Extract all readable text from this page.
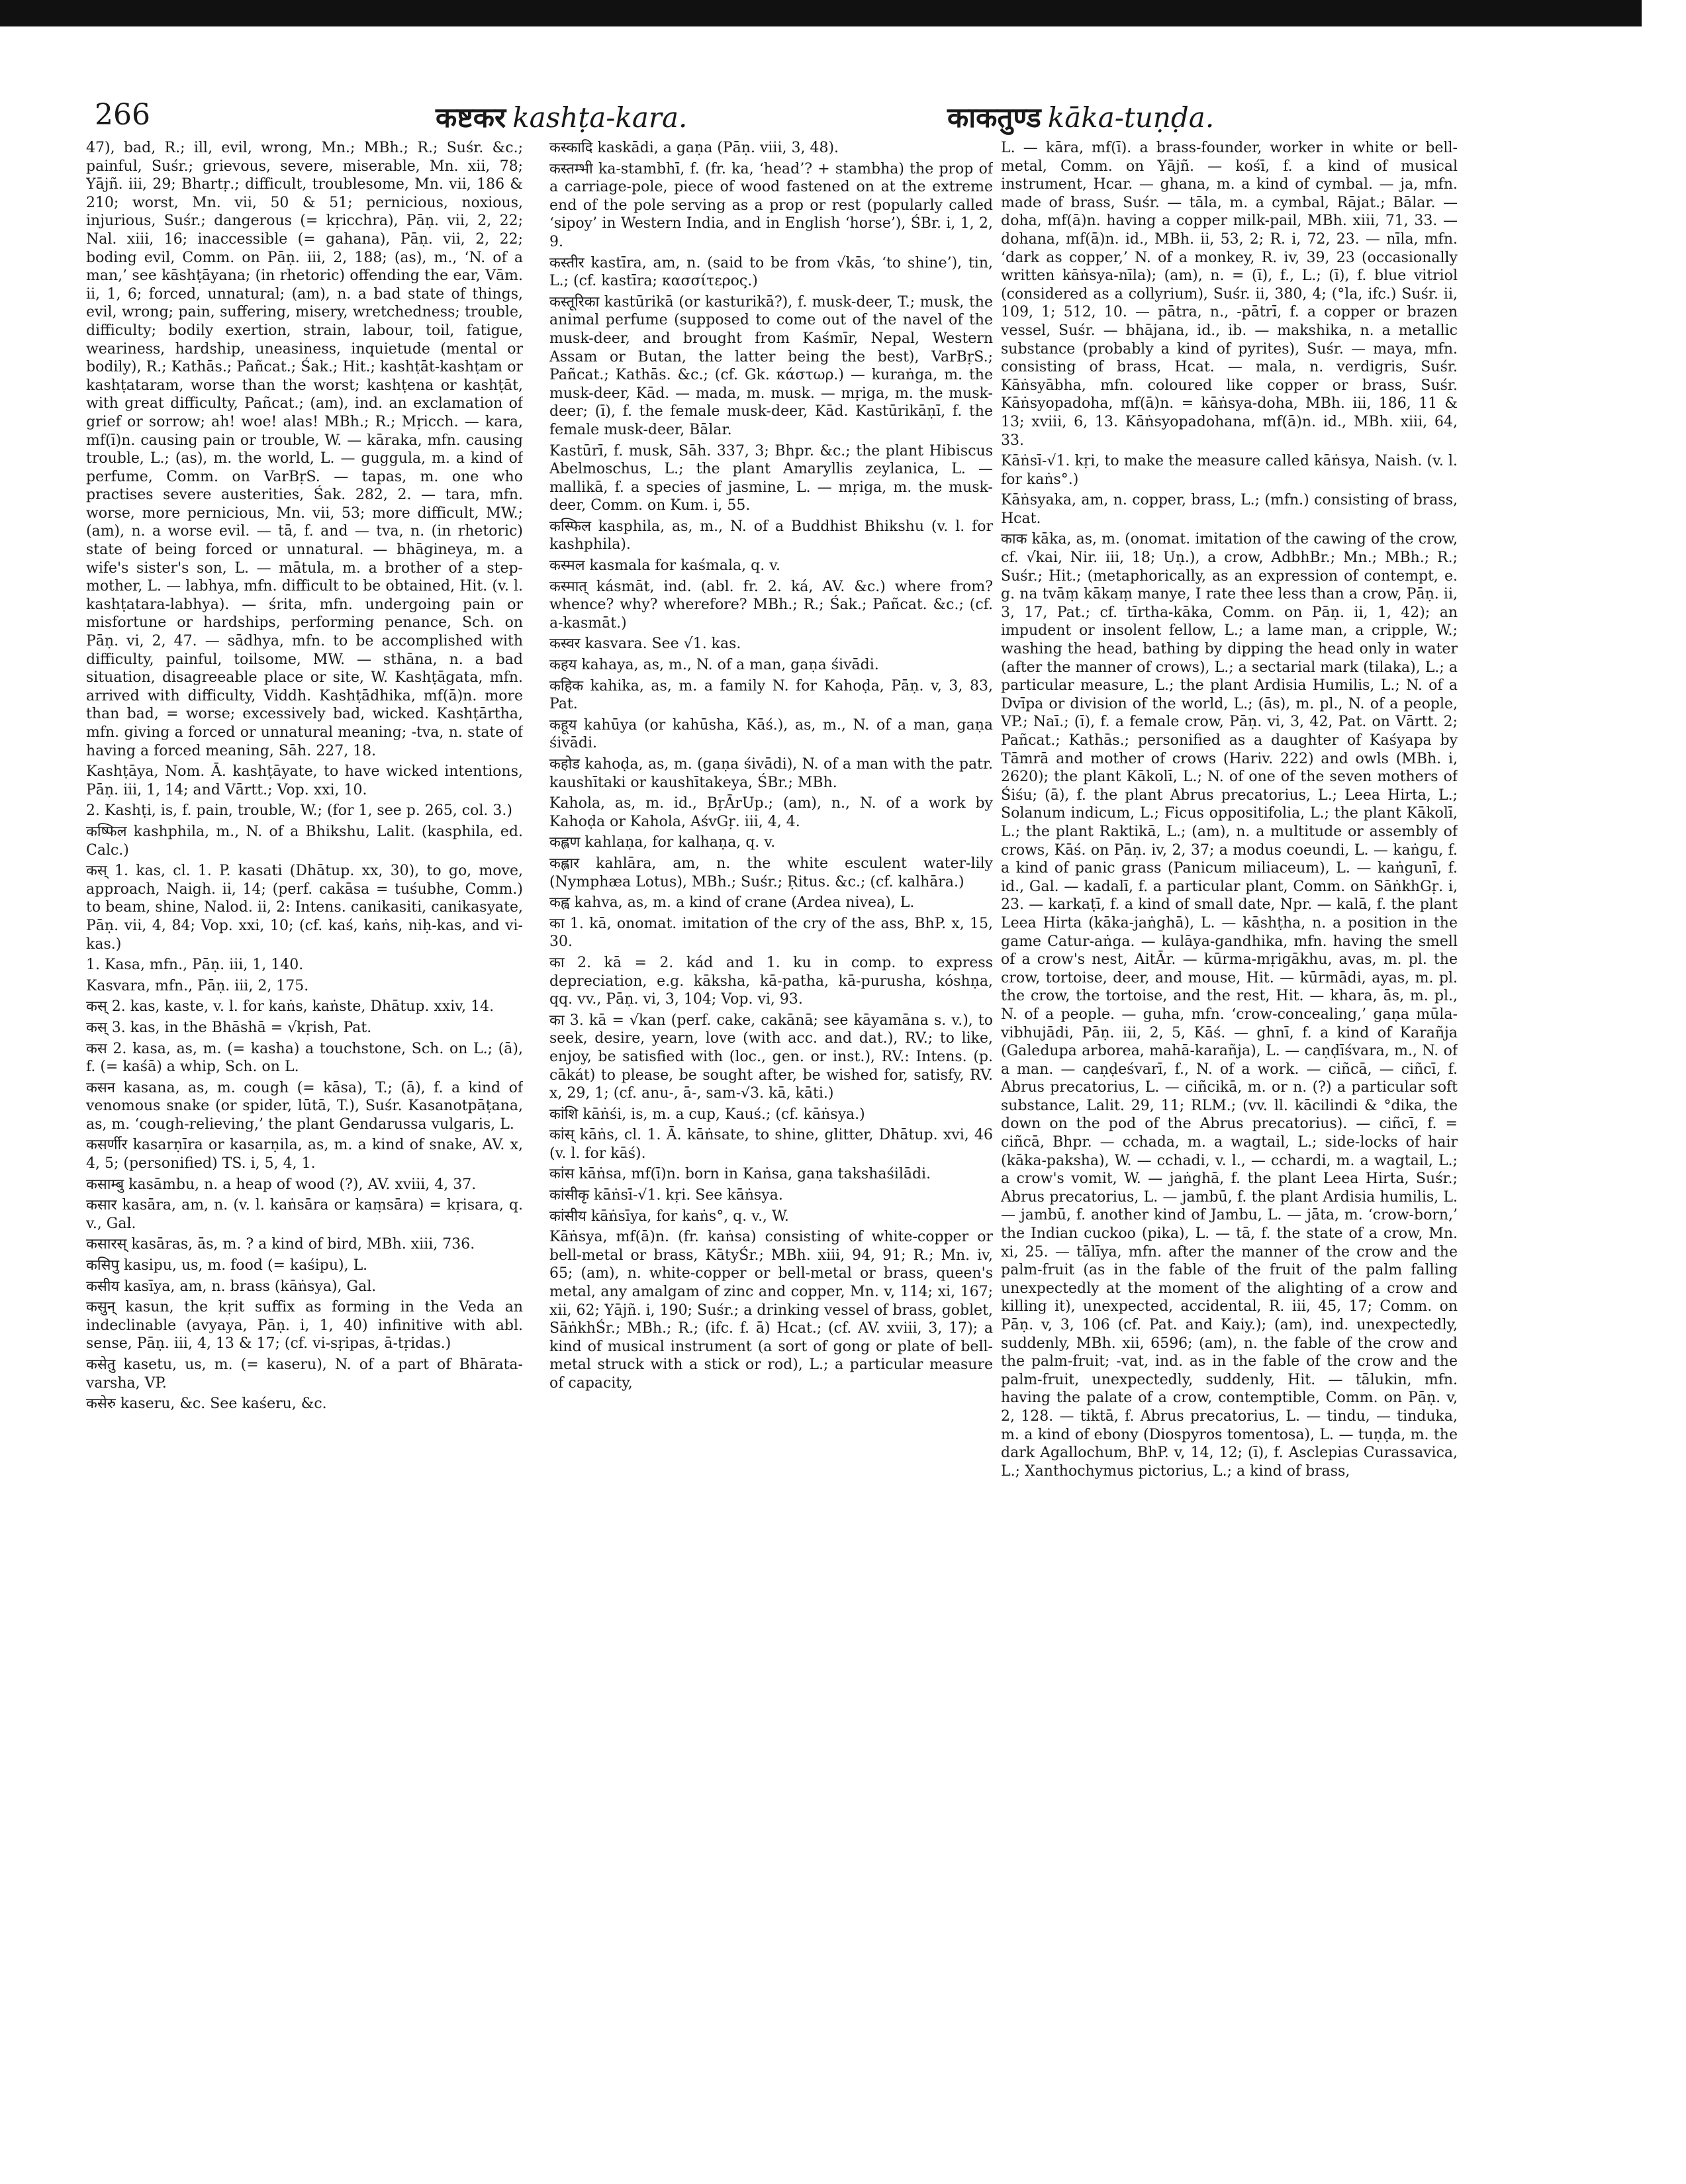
266	कष्टकर kashṭa-kara.	काकतुण्ड kāka-tuṇḍa.

47), bad, R.; ill, evil, wrong, Mn.; MBh.; R.; Suśr. &c.; painful, Suśr.; grievous, severe, miserable, Mn. xii, 78; Yājñ. iii, 29; Bhartṛ.; difficult, troublesome, Mn. vii, 186 & 210; worst, Mn. vii, 50 & 51; pernicious, noxious, injurious, Suśr.; dangerous (= kṛicchra), Pāṇ. vii, 2, 22; Nal. xiii, 16; inaccessible (= gahana), Pāṇ. vii, 2, 22; boding evil, Comm. on Pāṇ. iii, 2, 188; (as), m., ‘N. of a man,’ see kāshṭāyana; (in rhetoric) offending the ear, Vām. ii, 1, 6; forced, unnatural; (am), n. a bad state of things, evil, wrong; pain, suffering, misery, wretchedness; trouble, difficulty; bodily exertion, strain, labour, toil, fatigue, weariness, hardship, uneasiness, inquietude (mental or bodily), R.; Kathās.; Pañcat.; Śak.; Hit.; kashṭāt-kashṭam or kashṭataram, worse than the worst; kashṭena or kashṭāt, with great difficulty, Pañcat.; (am), ind. an exclamation of grief or sorrow; ah! woe! alas! MBh.; R.; Mṛicch. — kara, mf(ī)n. causing pain or trouble, W. — kāraka, mfn. causing trouble, L.; (as), m. the world, L. — guggula, m. a kind of perfume, Comm. on VarBṛS. — tapas, m. one who practises severe austerities, Śak. 282, 2. — tara, mfn. worse, more pernicious, Mn. vii, 53; more difficult, MW.; (am), n. a worse evil. — tā, f. and — tva, n. (in rhetoric) state of being forced or unnatural. — bhāgineya, m. a wife's sister's son, L. — mātula, m. a brother of a step-mother, L. — labhya, mfn. difficult to be obtained, Hit. (v. l. kashṭatara-labhya). — śrita, mfn. undergoing pain or misfortune or hardships, performing penance, Sch. on Pāṇ. vi, 2, 47. — sādhya, mfn. to be accomplished with difficulty, painful, toilsome, MW. — sthāna, n. a bad situation, disagreeable place or site, W. Kashṭāgata, mfn. arrived with difficulty, Viddh. Kashṭādhika, mf(ā)n. more than bad, = worse; excessively bad, wicked. Kashṭārtha, mfn. giving a forced or unnatural meaning; -tva, n. state of having a forced meaning, Sāh. 227, 18.

Kashṭāya, Nom. Ā. kashṭāyate, to have wicked intentions, Pāṇ. iii, 1, 14; and Vārtt.; Vop. xxi, 10.

2. Kashṭi, is, f. pain, trouble, W.; (for 1, see p. 265, col. 3.)

कष्फिल kashphila, m., N. of a Bhikshu, Lalit. (kasphila, ed. Calc.)

कस् 1. kas, cl. 1. P. kasati (Dhātup. xx, 30), to go, move, approach, Naigh. ii, 14; (perf. cakāsa = tuśubhe, Comm.) to beam, shine, Nalod. ii, 2: Intens. canikasiti, canikasyate, Pāṇ. vii, 4, 84; Vop. xxi, 10; (cf. kaś, kaṅs, niḥ-kas, and vi-kas.)

1. Kasa, mfn., Pāṇ. iii, 1, 140.

Kasvara, mfn., Pāṇ. iii, 2, 175.

कस् 2. kas, kaste, v. l. for kaṅs, kaṅste, Dhātup. xxiv, 14.

कस् 3. kas, in the Bhāshā = √kṛish, Pat.

कस 2. kasa, as, m. (= kasha) a touchstone, Sch. on L.; (ā), f. (= kaśā) a whip, Sch. on L.

कसन kasana, as, m. cough (= kāsa), T.; (ā), f. a kind of venomous snake (or spider, lūtā, T.), Suśr. Kasanotpāṭana, as, m. ‘cough-relieving,’ the plant Gendarussa vulgaris, L.

कसर्णीर kasarṇīra or kasarṇila, as, m. a kind of snake, AV. x, 4, 5; (personified) TS. i, 5, 4, 1.

कसाम्बु kasāmbu, n. a heap of wood (?), AV. xviii, 4, 37.

कसार kasāra, am, n. (v. l. kaṅsāra or kaṃsāra) = kṛisara, q. v., Gal.

कसारस् kasāras, ās, m. ? a kind of bird, MBh. xiii, 736.

कसिपु kasipu, us, m. food (= kaśipu), L.

कसीय kasīya, am, n. brass (kāṅsya), Gal.

कसुन् kasun, the kṛit suffix as forming in the Veda an indeclinable (avyaya, Pāṇ. i, 1, 40) infinitive with abl. sense, Pāṇ. iii, 4, 13 & 17; (cf. vi-sṛipas, ā-tṛidas.)

कसेतु kasetu, us, m. (= kaseru), N. of a part of Bhārata-varsha, VP.

कसेरु kaseru, &c. See kaśeru, &c.

कस्कादि kaskādi, a gaṇa (Pāṇ. viii, 3, 48).

कस्तम्भी ka-stambhī, f. (fr. ka, ‘head’? + stambha) the prop of a carriage-pole, piece of wood fastened on at the extreme end of the pole serving as a prop or rest (popularly called ‘sipoy’ in Western India, and in English ‘horse’), ŚBr. i, 1, 2, 9.

कस्तीर kastīra, am, n. (said to be from √kās, ‘to shine’), tin, L.; (cf. kastīra; κασσίτερος.)

कस्तूरिका kastūrikā (or kasturikā?), f. musk-deer, T.; musk, the animal perfume (supposed to come out of the navel of the musk-deer, and brought from Kaśmīr, Nepal, Western Assam or Butan, the latter being the best), VarBṛS.; Pañcat.; Kathās. &c.; (cf. Gk. κάστωρ.) — kuraṅga, m. the musk-deer, Kād. — mada, m. musk. — mṛiga, m. the musk-deer; (ī), f. the female musk-deer, Kād. Kastūrikāṇī, f. the female musk-deer, Bālar.

Kastūrī, f. musk, Sāh. 337, 3; Bhpr. &c.; the plant Hibiscus Abelmoschus, L.; the plant Amaryllis zeylanica, L. — mallikā, f. a species of jasmine, L. — mṛiga, m. the musk-deer, Comm. on Kum. i, 55.

कस्फिल kasphila, as, m., N. of a Buddhist Bhikshu (v. l. for kashphila).

कस्मल kasmala for kaśmala, q. v.

कस्मात् kásmāt, ind. (abl. fr. 2. ká, AV. &c.) where from? whence? why? wherefore? MBh.; R.; Śak.; Pañcat. &c.; (cf. a-kasmāt.)

कस्वर kasvara. See √1. kas.

कहय kahaya, as, m., N. of a man, gaṇa śivādi.

कहिक kahika, as, m. a family N. for Kahoḍa, Pāṇ. v, 3, 83, Pat.

कहूय kahūya (or kahūsha, Kāś.), as, m., N. of a man, gaṇa śivādi.

कहोड kahoḍa, as, m. (gaṇa śivādi), N. of a man with the patr. kaushītaki or kaushītakeya, ŚBr.; MBh.

Kahola, as, m. id., BṛĀrUp.; (am), n., N. of a work by Kahoḍa or Kahola, AśvGṛ. iii, 4, 4.

कह्लण kahlaṇa, for kalhaṇa, q. v.

कह्लार kahlāra, am, n. the white esculent water-lily (Nymphæa Lotus), MBh.; Suśr.; Ṛitus. &c.; (cf. kalhāra.)

कह्व kahva, as, m. a kind of crane (Ardea nivea), L.

का 1. kā, onomat. imitation of the cry of the ass, BhP. x, 15, 30.

का 2. kā = 2. kád and 1. ku in comp. to express depreciation, e.g. kāksha, kā-patha, kā-purusha, kóshṇa, qq. vv., Pāṇ. vi, 3, 104; Vop. vi, 93.

का 3. kā = √kan (perf. cake, cakānā; see kāyamāna s. v.), to seek, desire, yearn, love (with acc. and dat.), RV.; to like, enjoy, be satisfied with (loc., gen. or inst.), RV.: Intens. (p. cākát) to please, be sought after, be wished for, satisfy, RV. x, 29, 1; (cf. anu-, ā-, sam-√3. kā, kāti.)

कांशि kāṅśi, is, m. a cup, Kauś.; (cf. kāṅsya.)

कांस् kāṅs, cl. 1. Ā. kāṅsate, to shine, glitter, Dhātup. xvi, 46 (v. l. for kāś).

कांस kāṅsa, mf(ī)n. born in Kaṅsa, gaṇa takshaśilādi.

कांसीकृ kāṅsī-√1. kṛi. See kāṅsya.

कांसीय kāṅsīya, for kaṅs°, q. v., W.

Kāṅsya, mf(ā)n. (fr. kaṅsa) consisting of white-copper or bell-metal or brass, KātyŚr.; MBh. xiii, 94, 91; R.; Mn. iv, 65; (am), n. white-copper or bell-metal or brass, queen's metal, any amalgam of zinc and copper, Mn. v, 114; xi, 167; xii, 62; Yājñ. i, 190; Suśr.; a drinking vessel of brass, goblet, SāṅkhŚr.; MBh.; R.; (ifc. f. ā) Hcat.; (cf. AV. xviii, 3, 17); a kind of musical instrument (a sort of gong or plate of bell-metal struck with a stick or rod), L.; a particular measure of capacity,

L. — kāra, mf(ī). a brass-founder, worker in white or bell-metal, Comm. on Yājñ. — kośī, f. a kind of musical instrument, Hcar. — ghana, m. a kind of cymbal. — ja, mfn. made of brass, Suśr. — tāla, m. a cymbal, Rājat.; Bālar. — doha, mf(ā)n. having a copper milk-pail, MBh. xiii, 71, 33. — dohana, mf(ā)n. id., MBh. ii, 53, 2; R. i, 72, 23. — nīla, mfn. ‘dark as copper,’ N. of a monkey, R. iv, 39, 23 (occasionally written kāṅsya-nīla); (am), n. = (ī), f., L.; (ī), f. blue vitriol (considered as a collyrium), Suśr. ii, 380, 4; (°la, ifc.) Suśr. ii, 109, 1; 512, 10. — pātra, n., -pātrī, f. a copper or brazen vessel, Suśr. — bhājana, id., ib. — makshika, n. a metallic substance (probably a kind of pyrites), Suśr. — maya, mfn. consisting of brass, Hcat. — mala, n. verdigris, Suśr. Kāṅsyābha, mfn. coloured like copper or brass, Suśr. Kāṅsyopadoha, mf(ā)n. = kāṅsya-doha, MBh. iii, 186, 11 & 13; xviii, 6, 13. Kāṅsyopadohana, mf(ā)n. id., MBh. xiii, 64, 33.

Kāṅsī-√1. kṛi, to make the measure called kāṅsya, Naish. (v. l. for kaṅs°.)

Kāṅsyaka, am, n. copper, brass, L.; (mfn.) consisting of brass, Hcat.

काक kāka, as, m. (onomat. imitation of the cawing of the crow, cf. √kai, Nir. iii, 18; Uṇ.), a crow, AdbhBr.; Mn.; MBh.; R.; Suśr.; Hit.; (metaphorically, as an expression of contempt, e. g. na tvāṃ kākaṃ manye, I rate thee less than a crow, Pāṇ. ii, 3, 17, Pat.; cf. tīrtha-kāka, Comm. on Pāṇ. ii, 1, 42); an impudent or insolent fellow, L.; a lame man, a cripple, W.; washing the head, bathing by dipping the head only in water (after the manner of crows), L.; a sectarial mark (tilaka), L.; a particular measure, L.; the plant Ardisia Humilis, L.; N. of a Dvīpa or division of the world, L.; (ās), m. pl., N. of a people, VP.; Naī.; (ī), f. a female crow, Pāṇ. vi, 3, 42, Pat. on Vārtt. 2; Pañcat.; Kathās.; personified as a daughter of Kaśyapa by Tāmrā and mother of crows (Hariv. 222) and owls (MBh. i, 2620); the plant Kākolī, L.; N. of one of the seven mothers of Śiśu; (ā), f. the plant Abrus precatorius, L.; Leea Hirta, L.; Solanum indicum, L.; Ficus oppositifolia, L.; the plant Kākolī, L.; the plant Raktikā, L.; (am), n. a multitude or assembly of crows, Kāś. on Pāṇ. iv, 2, 37; a modus coeundi, L. — kaṅgu, f. a kind of panic grass (Panicum miliaceum), L. — kaṅgunī, f. id., Gal. — kadalī, f. a particular plant, Comm. on SāṅkhGṛ. i, 23. — karkaṭī, f. a kind of small date, Npr. — kalā, f. the plant Leea Hirta (kāka-jaṅghā), L. — kāshṭha, n. a position in the game Catur-aṅga. — kulāya-gandhika, mfn. having the smell of a crow's nest, AitĀr. — kūrma-mṛigākhu, avas, m. pl. the crow, tortoise, deer, and mouse, Hit. — kūrmādi, ayas, m. pl. the crow, the tortoise, and the rest, Hit. — khara, ās, m. pl., N. of a people. — guha, mfn. ‘crow-concealing,’ gaṇa mūla-vibhujādi, Pāṇ. iii, 2, 5, Kāś. — ghnī, f. a kind of Karañja (Galedupa arborea, mahā-karañja), L. — caṇḍīśvara, m., N. of a man. — caṇḍeśvarī, f., N. of a work. — ciñcā, — ciñcī, f. Abrus precatorius, L. — ciñcikā, m. or n. (?) a particular soft substance, Lalit. 29, 11; RLM.; (vv. ll. kācilindi & °dika, the down on the pod of the Abrus precatorius). — ciñcī, f. = ciñcā, Bhpr. — cchada, m. a wagtail, L.; side-locks of hair (kāka-paksha), W. — cchadi, v. l., — cchardi, m. a wagtail, L.; a crow's vomit, W. — jaṅghā, f. the plant Leea Hirta, Suśr.; Abrus precatorius, L. — jambū, f. the plant Ardisia humilis, L. — jambū, f. another kind of Jambu, L. — jāta, m. ‘crow-born,’ the Indian cuckoo (pika), L. — tā, f. the state of a crow, Mn. xi, 25. — tālīya, mfn. after the manner of the crow and the palm-fruit (as in the fable of the fruit of the palm falling unexpectedly at the moment of the alighting of a crow and killing it), unexpected, accidental, R. iii, 45, 17; Comm. on Pāṇ. v, 3, 106 (cf. Pat. and Kaiy.); (am), ind. unexpectedly, suddenly, MBh. xii, 6596; (am), n. the fable of the crow and the palm-fruit; -vat, ind. as in the fable of the crow and the palm-fruit, unexpectedly, suddenly, Hit. — tālukin, mfn. having the palate of a crow, contemptible, Comm. on Pāṇ. v, 2, 128. — tiktā, f. Abrus precatorius, L. — tindu, — tinduka, m. a kind of ebony (Diospyros tomentosa), L. — tuṇḍa, m. the dark Agallochum, BhP. v, 14, 12; (ī), f. Asclepias Curassavica, L.; Xanthochymus pictorius, L.; a kind of brass,
